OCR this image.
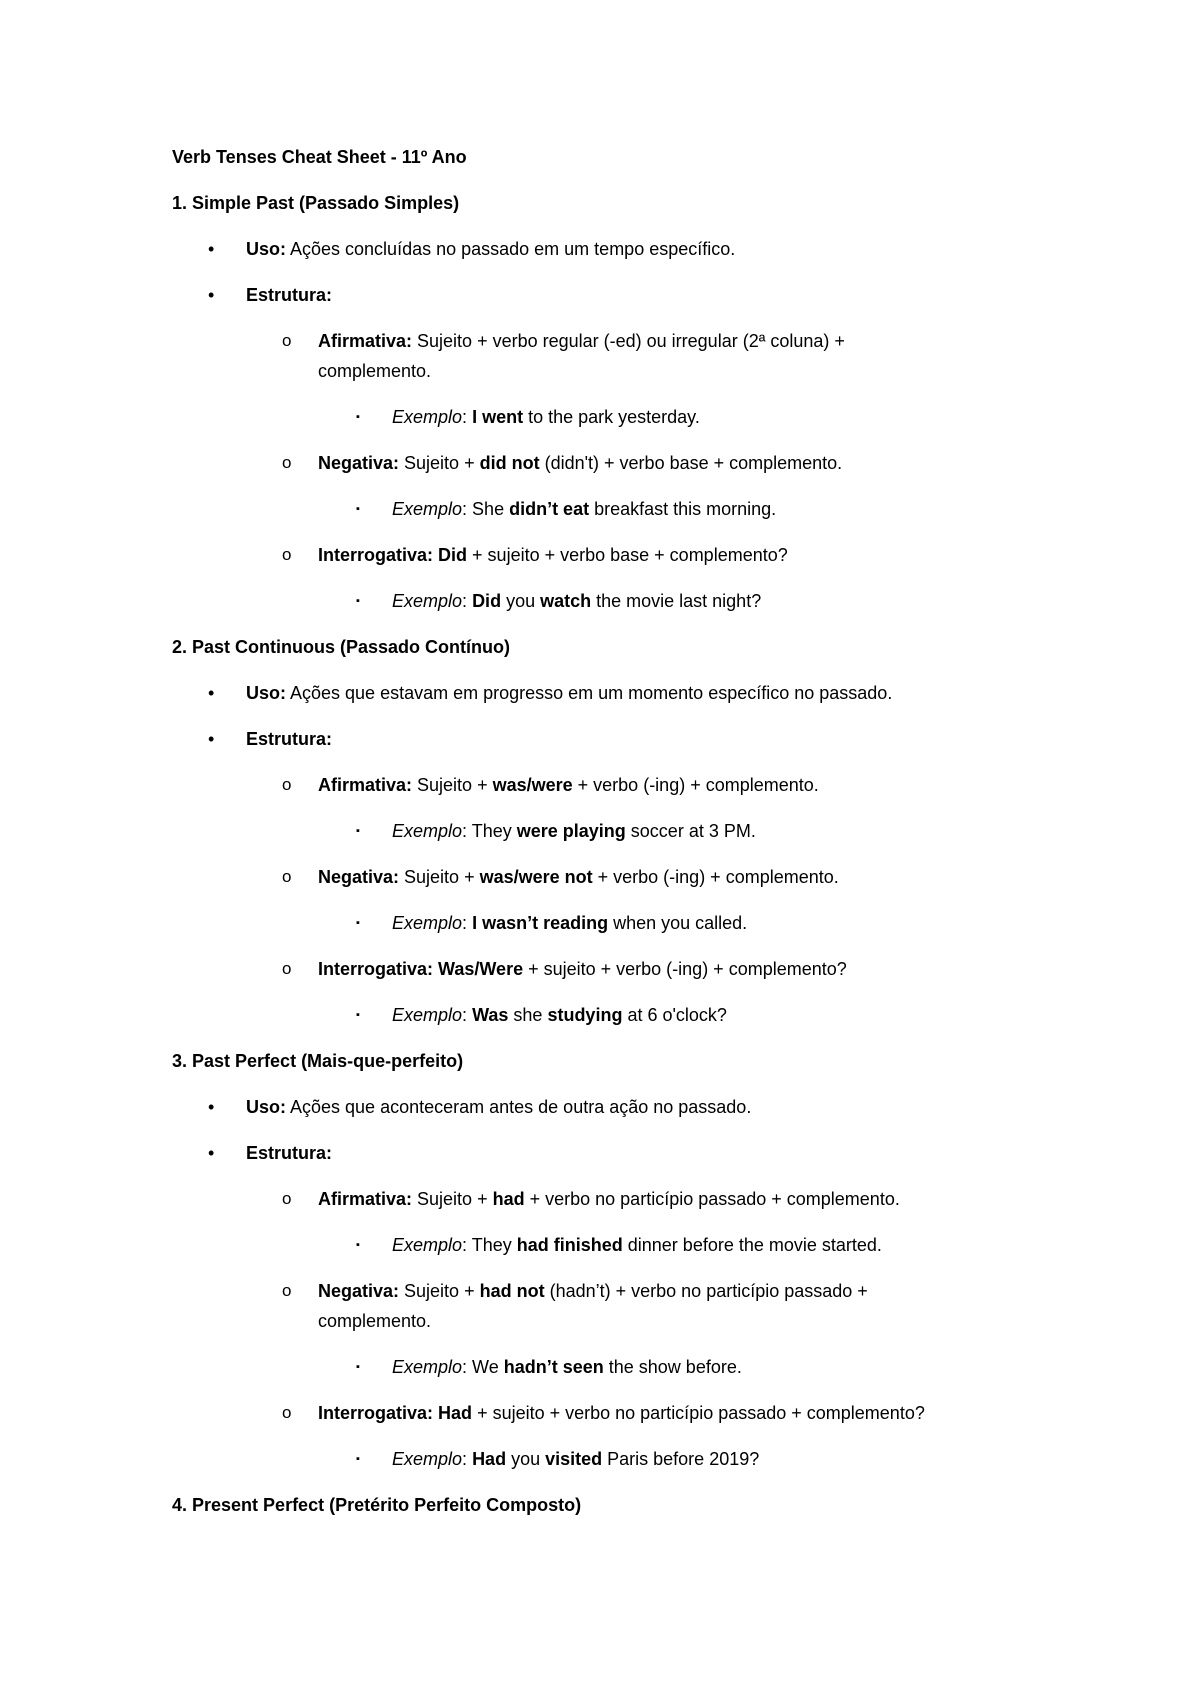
Verb Tenses Cheat Sheet - 11º Ano
1. Simple Past (Passado Simples)
• Uso: Ações concluídas no passado em um tempo específico.
• Estrutura:
o Afirmativa: Sujeito + verbo regular (-ed) ou irregular (2ª coluna) +
complemento.
▪ Exemplo: I went to the park yesterday.
o Negativa: Sujeito + did not (didn't) + verbo base + complemento.
▪ Exemplo: She didn’t eat breakfast this morning.
o Interrogativa: Did + sujeito + verbo base + complemento?
▪ Exemplo: Did you watch the movie last night?
2. Past Continuous (Passado Contínuo)
• Uso: Ações que estavam em progresso em um momento específico no passado.
• Estrutura:
o Afirmativa: Sujeito + was/were + verbo (-ing) + complemento.
▪ Exemplo: They were playing soccer at 3 PM.
o Negativa: Sujeito + was/were not + verbo (-ing) + complemento.
▪ Exemplo: I wasn’t reading when you called.
o Interrogativa: Was/Were + sujeito + verbo (-ing) + complemento?
▪ Exemplo: Was she studying at 6 o'clock?
3. Past Perfect (Mais-que-perfeito)
• Uso: Ações que aconteceram antes de outra ação no passado.
• Estrutura:
o Afirmativa: Sujeito + had + verbo no particípio passado + complemento.
▪ Exemplo: They had finished dinner before the movie started.
o Negativa: Sujeito + had not (hadn’t) + verbo no particípio passado +
complemento.
▪ Exemplo: We hadn’t seen the show before.
o Interrogativa: Had + sujeito + verbo no particípio passado + complemento?
▪ Exemplo: Had you visited Paris before 2019?
4. Present Perfect (Pretérito Perfeito Composto)
